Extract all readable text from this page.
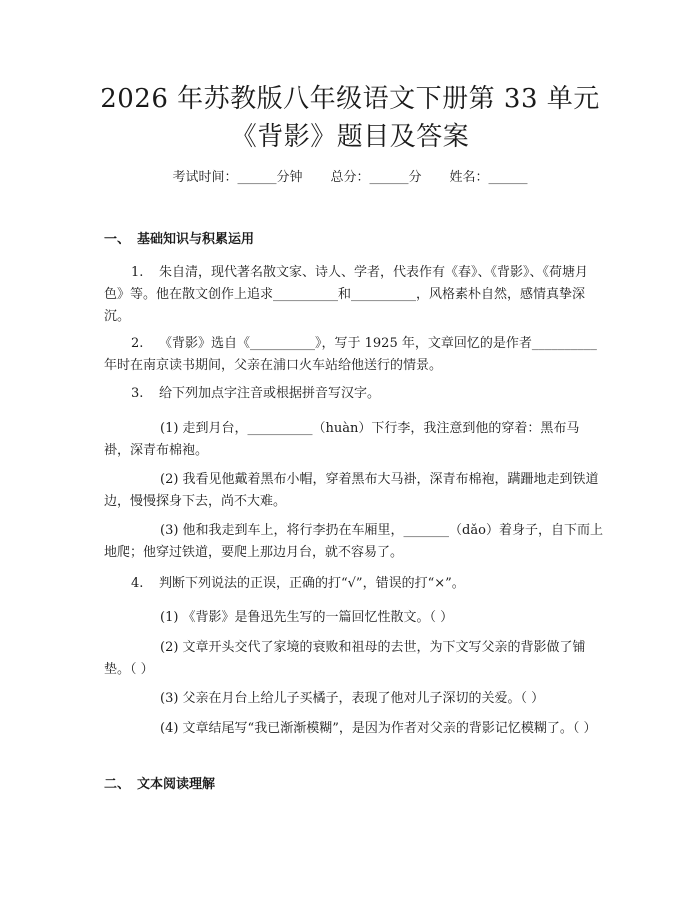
2026 年苏教版八年级语文下册第 33 单元
《背影》题目及答案
考试时间：______分钟 总分：______分 姓名：______
一、 基础知识与积累运用
1. 朱自清，现代著名散文家、诗人、学者，代表作有《春》、《背影》、《荷塘月色》等。他在散文创作上追求__________和__________，风格素朴自然，感情真挚深沉。
2. 《背影》选自《__________》，写于 1925 年，文章回忆的是作者__________年时在南京读书期间，父亲在浦口火车站给他送行的情景。
3. 给下列加点字注音或根据拼音写汉字。
(1) 走到月台，__________（huàn）下行李，我注意到他的穿着：黑布马褂，深青布棉袍。
(2) 我看见他戴着黑布小帽，穿着黑布大马褂，深青布棉袍，蹒跚地走到铁道边，慢慢探身下去，尚不大难。
(3) 他和我走到车上，将行李扔在车厢里，_______（dǎo）着身子，自下而上地爬；他穿过铁道，要爬上那边月台，就不容易了。
4. 判断下列说法的正误，正确的打“√”，错误的打“×”。
(1) 《背影》是鲁迅先生写的一篇回忆性散文。（ ）
(2) 文章开头交代了家境的衰败和祖母的去世，为下文写父亲的背影做了铺垫。（ ）
(3) 父亲在月台上给儿子买橘子，表现了他对儿子深切的关爱。（ ）
(4) 文章结尾写“我已渐渐模糊”，是因为作者对父亲的背影记忆模糊了。（ ）
二、 文本阅读理解
